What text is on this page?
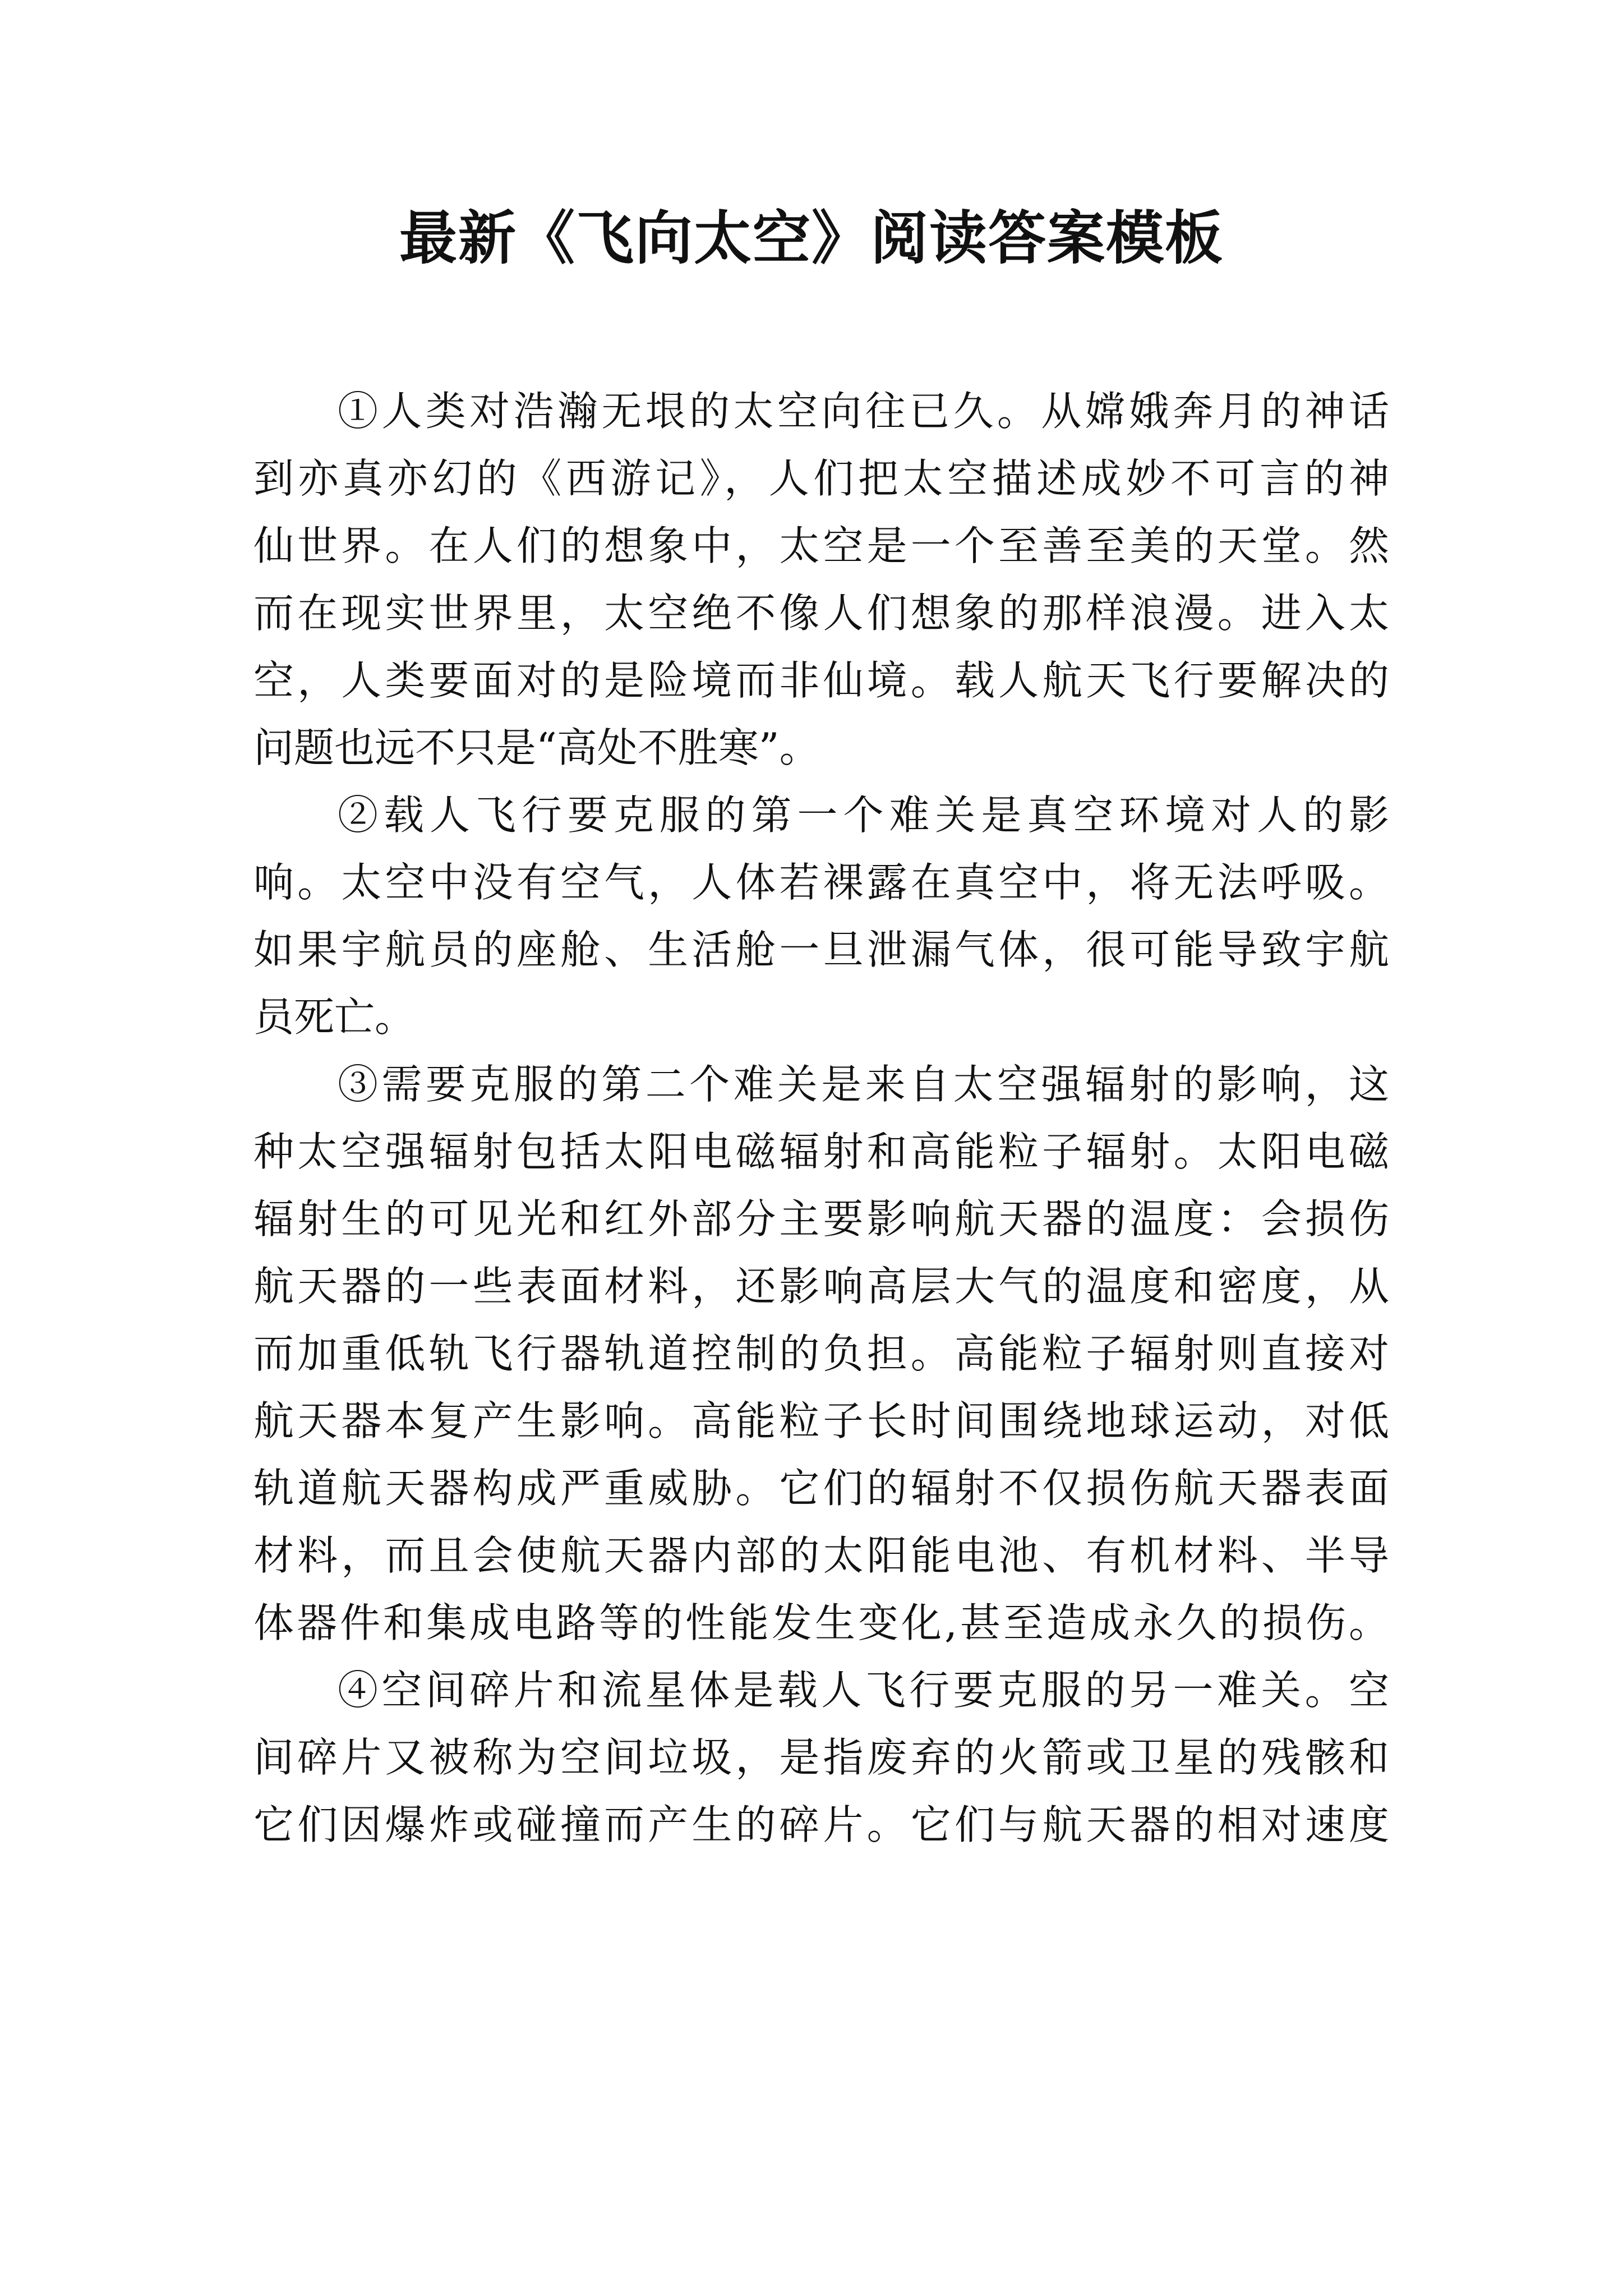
最新《飞向太空》阅读答案模板
①人类对浩瀚无垠的太空向往已久。从嫦娥奔月的神话
到亦真亦幻的《西游记》，人们把太空描述成妙不可言的神
仙世界。在人们的想象中，太空是一个至善至美的天堂。然
而在现实世界里，太空绝不像人们想象的那样浪漫。进入太
空，人类要面对的是险境而非仙境。载人航天飞行要解决的
问题也远不只是“高处不胜寒”。
②载人飞行要克服的第一个难关是真空环境对人的影
响。太空中没有空气，人体若裸露在真空中，将无法呼吸。
如果宇航员的座舱、生活舱一旦泄漏气体，很可能导致宇航
员死亡。
③需要克服的第二个难关是来自太空强辐射的影响，这
种太空强辐射包括太阳电磁辐射和高能粒子辐射。太阳电磁
辐射生的可见光和红外部分主要影响航天器的温度：会损伤
航天器的一些表面材料，还影响高层大气的温度和密度，从
而加重低轨飞行器轨道控制的负担。高能粒子辐射则直接对
航天器本复产生影响。高能粒子长时间围绕地球运动，对低
轨道航天器构成严重威胁。它们的辐射不仅损伤航天器表面
材料，而且会使航天器内部的太阳能电池、有机材料、半导
体器件和集成电路等的性能发生变化,甚至造成永久的损伤。
④空间碎片和流星体是载人飞行要克服的另一难关。空
间碎片又被称为空间垃圾，是指废弃的火箭或卫星的残骸和
它们因爆炸或碰撞而产生的碎片。它们与航天器的相对速度
